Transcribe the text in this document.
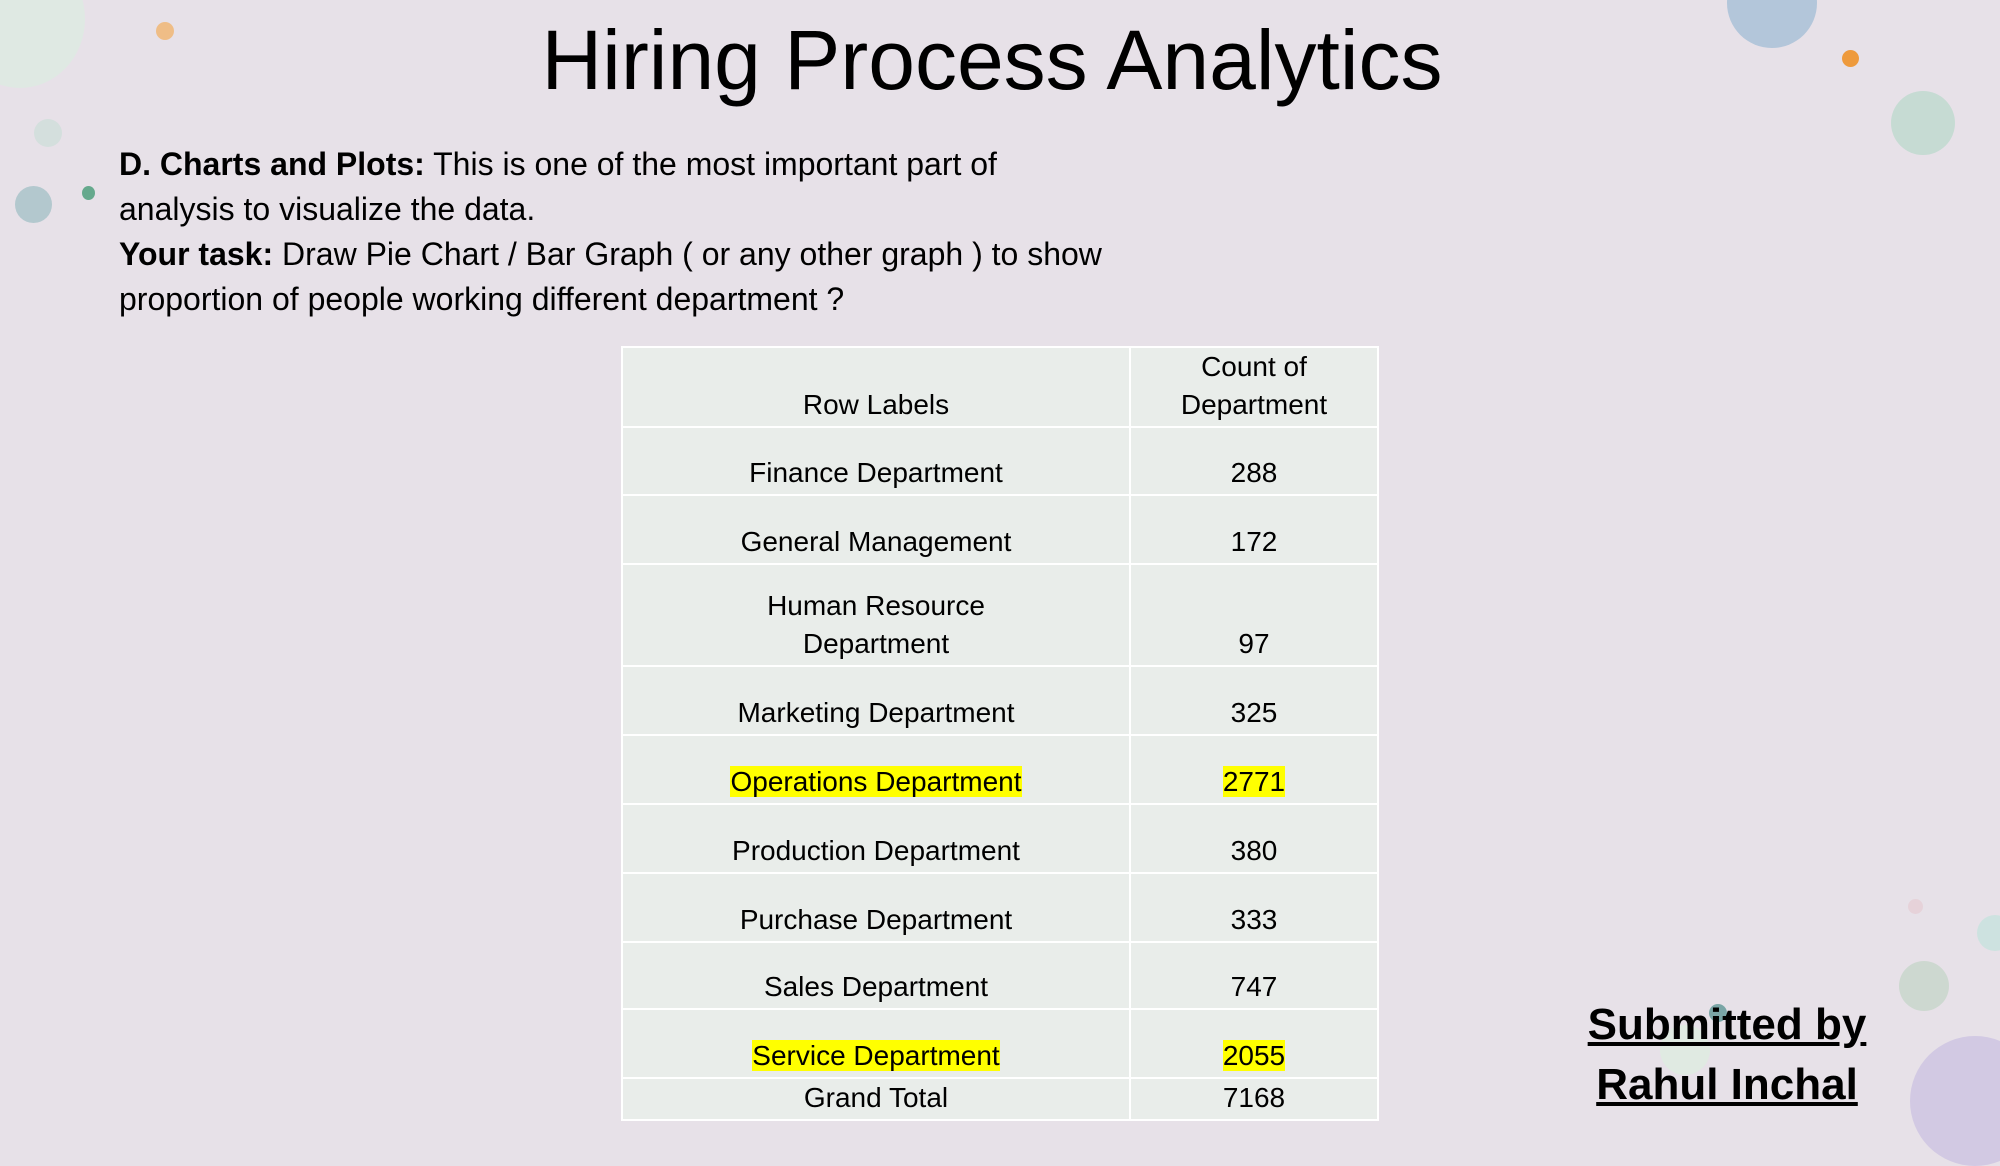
Hiring Process Analytics
D. Charts and Plots: This is one of the most important part of analysis to visualize the data.
Your task: Draw Pie Chart / Bar Graph ( or any other graph ) to show proportion of people working different department ?
Row Labels	Count of Department
Finance Department	288
General Management	172
Human Resource Department	97
Marketing Department	325
Operations Department	2771
Production Department	380
Purchase Department	333
Sales Department	747
Service Department	2055
Grand Total	7168
Submitted by
Rahul Inchal
